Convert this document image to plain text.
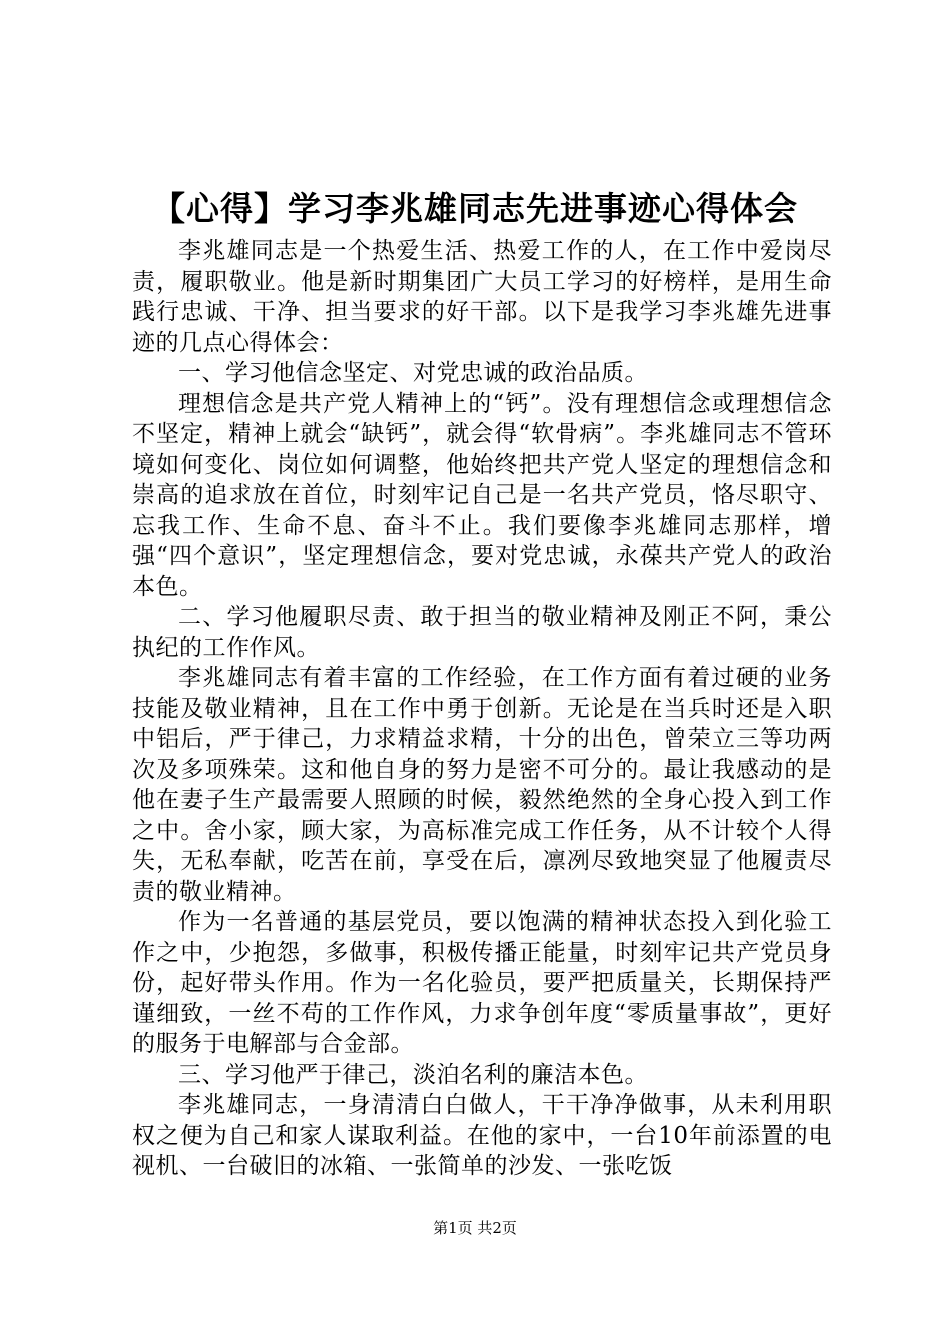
【心得】学习李兆雄同志先进事迹心得体会

李兆雄同志是一个热爱生活、热爱工作的人，在工作中爱岗尽责，履职敬业。他是新时期集团广大员工学习的好榜样，是用生命践行忠诚、干净、担当要求的好干部。以下是我学习李兆雄先进事迹的几点心得体会：

一、学习他信念坚定、对党忠诚的政治品质。

理想信念是共产党人精神上的“钙”。没有理想信念或理想信念不坚定，精神上就会“缺钙”，就会得“软骨病”。李兆雄同志不管环境如何变化、岗位如何调整，他始终把共产党人坚定的理想信念和崇高的追求放在首位，时刻牢记自己是一名共产党员，恪尽职守、忘我工作、生命不息、奋斗不止。我们要像李兆雄同志那样，增强“四个意识”，坚定理想信念，要对党忠诚，永葆共产党人的政治本色。

二、学习他履职尽责、敢于担当的敬业精神及刚正不阿，秉公执纪的工作作风。

李兆雄同志有着丰富的工作经验，在工作方面有着过硬的业务技能及敬业精神，且在工作中勇于创新。无论是在当兵时还是入职中铝后，严于律己，力求精益求精，十分的出色，曾荣立三等功两次及多项殊荣。这和他自身的努力是密不可分的。最让我感动的是他在妻子生产最需要人照顾的时候，毅然绝然的全身心投入到工作之中。舍小家，顾大家，为高标准完成工作任务，从不计较个人得失，无私奉献，吃苦在前，享受在后，凛冽尽致地突显了他履责尽责的敬业精神。

作为一名普通的基层党员，要以饱满的精神状态投入到化验工作之中，少抱怨，多做事，积极传播正能量，时刻牢记共产党员身份，起好带头作用。作为一名化验员，要严把质量关，长期保持严谨细致，一丝不苟的工作作风，力求争创年度“零质量事故”，更好的服务于电解部与合金部。

三、学习他严于律己，淡泊名利的廉洁本色。

李兆雄同志，一身清清白白做人，干干净净做事，从未利用职权之便为自己和家人谋取利益。在他的家中，一台10年前添置的电视机、一台破旧的冰箱、一张简单的沙发、一张吃饭

第1页 共2页
